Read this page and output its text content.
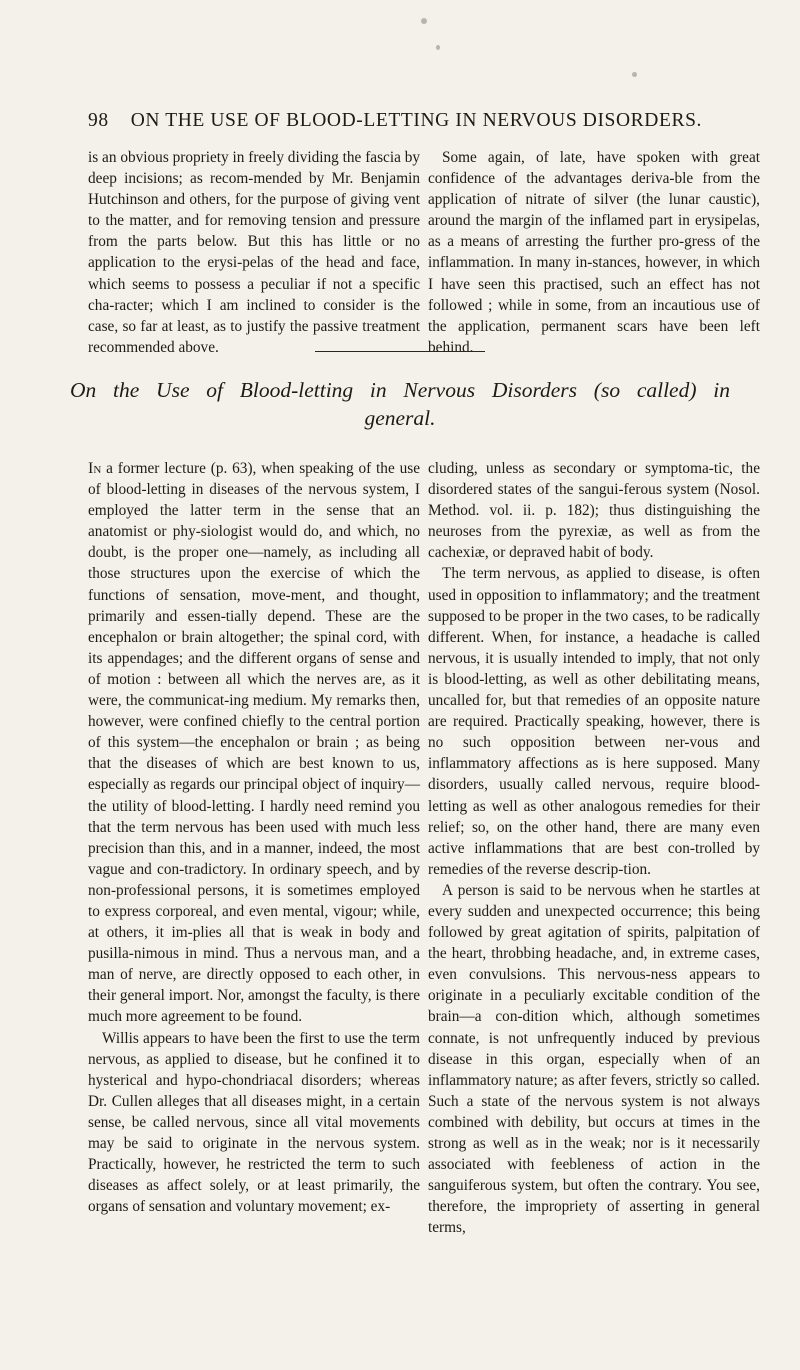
98 ON THE USE OF BLOOD-LETTING IN NERVOUS DISORDERS.

is an obvious propriety in freely dividing the fascia by deep incisions; as recom-mended by Mr. Benjamin Hutchinson and others, for the purpose of giving vent to the matter, and for removing tension and pressure from the parts below. But this has little or no application to the erysi-pelas of the head and face, which seems to possess a peculiar if not a specific cha-racter; which I am inclined to consider is the case, so far at least, as to justify the passive treatment recommended above.

Some again, of late, have spoken with great confidence of the advantages deriva-ble from the application of nitrate of silver (the lunar caustic), around the margin of the inflamed part in erysipelas, as a means of arresting the further pro-gress of the inflammation. In many in-stances, however, in which I have seen this practised, such an effect has not followed ; while in some, from an incautious use of the application, permanent scars have been left behind.

On the Use of Blood-letting in Nervous Disorders (so called) in
general.

In a former lecture (p. 63), when speaking of the use of blood-letting in diseases of the nervous system, I employed the latter term in the sense that an anatomist or phy-siologist would do, and which, no doubt, is the proper one—namely, as including all those structures upon the exercise of which the functions of sensation, move-ment, and thought, primarily and essen-tially depend. These are the encephalon or brain altogether; the spinal cord, with its appendages; and the different organs of sense and of motion : between all which the nerves are, as it were, the communicat-ing medium. My remarks then, however, were confined chiefly to the central portion of this system—the encephalon or brain ; as being that the diseases of which are best known to us, especially as regards our principal object of inquiry—the utility of blood-letting. I hardly need remind you that the term nervous has been used with much less precision than this, and in a manner, indeed, the most vague and con-tradictory. In ordinary speech, and by non-professional persons, it is sometimes employed to express corporeal, and even mental, vigour; while, at others, it im-plies all that is weak in body and pusilla-nimous in mind. Thus a nervous man, and a man of nerve, are directly opposed to each other, in their general import. Nor, amongst the faculty, is there much more agreement to be found.

Willis appears to have been the first to use the term nervous, as applied to disease, but he confined it to hysterical and hypo-chondriacal disorders; whereas Dr. Cullen alleges that all diseases might, in a certain sense, be called nervous, since all vital movements may be said to originate in the nervous system. Practically, however, he restricted the term to such diseases as affect solely, or at least primarily, the organs of sensation and voluntary movement; ex-

cluding, unless as secondary or symptoma-tic, the disordered states of the sangui-ferous system (Nosol. Method. vol. ii. p. 182); thus distinguishing the neuroses from the pyrexiæ, as well as from the cachexiæ, or depraved habit of body.

The term nervous, as applied to disease, is often used in opposition to inflammatory; and the treatment supposed to be proper in the two cases, to be radically different. When, for instance, a headache is called nervous, it is usually intended to imply, that not only is blood-letting, as well as other debilitating means, uncalled for, but that remedies of an opposite nature are required. Practically speaking, however, there is no such opposition between ner-vous and inflammatory affections as is here supposed. Many disorders, usually called nervous, require blood-letting as well as other analogous remedies for their relief; so, on the other hand, there are many even active inflammations that are best con-trolled by remedies of the reverse descrip-tion.

A person is said to be nervous when he startles at every sudden and unexpected occurrence; this being followed by great agitation of spirits, palpitation of the heart, throbbing headache, and, in extreme cases, even convulsions. This nervous-ness appears to originate in a peculiarly excitable condition of the brain—a con-dition which, although sometimes connate, is not unfrequently induced by previous disease in this organ, especially when of an inflammatory nature; as after fevers, strictly so called. Such a state of the nervous system is not always combined with debility, but occurs at times in the strong as well as in the weak; nor is it necessarily associated with feebleness of action in the sanguiferous system, but often the contrary. You see, therefore, the impropriety of asserting in general terms,
